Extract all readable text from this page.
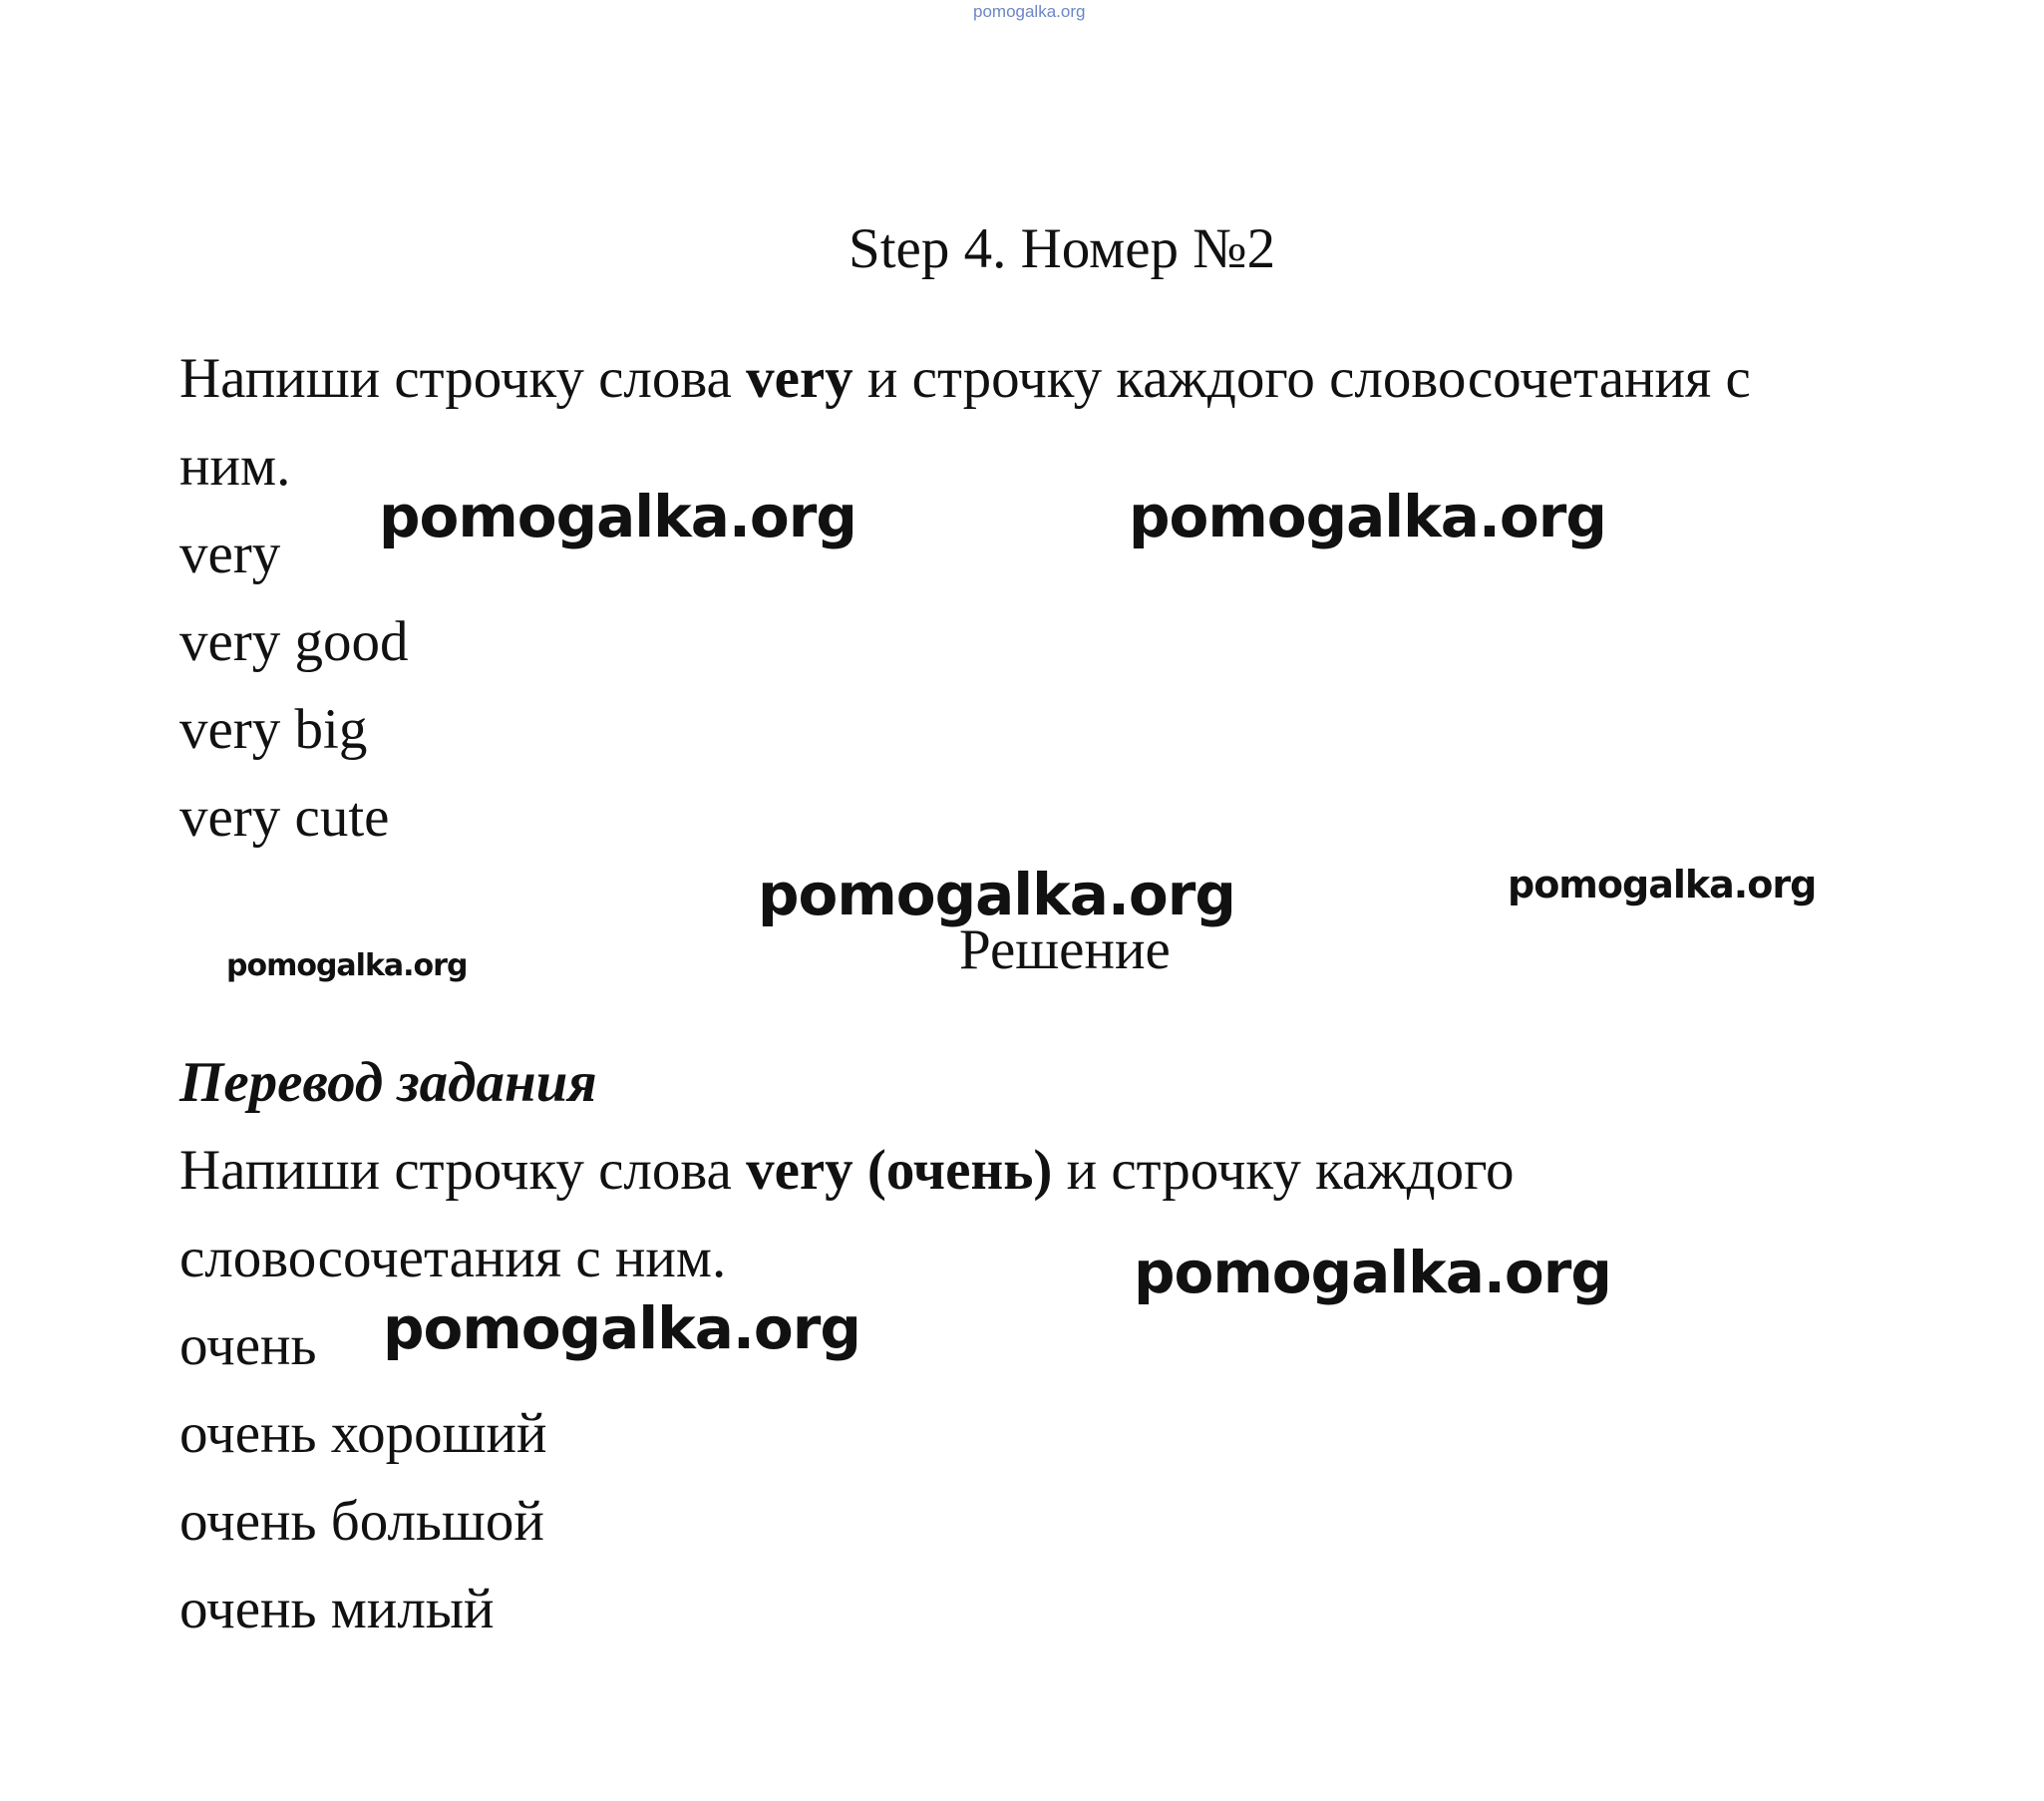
pomogalka.org
Step 4. Номер №2
Напиши строчку слова very и строчку каждого словосочетания с
ним.
very
very good
very big
very cute
Решение
Перевод задания
Напиши строчку слова very (очень) и строчку каждого
словосочетания с ним.
очень
очень хороший
очень большой
очень милый
pomogalka.org	pomogalka.org
pomogalka.org	pomogalka.org
pomogalka.org
pomogalka.org
pomogalka.org
